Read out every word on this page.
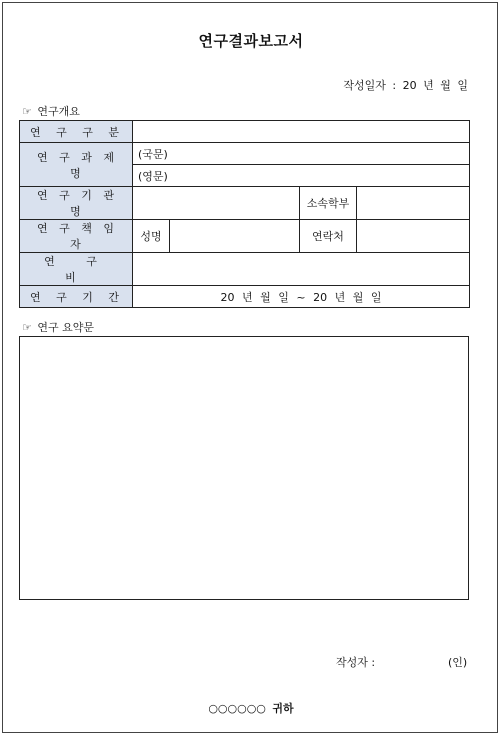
연구결과보고서
작성일자 : 20 년 월 일
☞ 연구개요
연 구 구 분				
연 구 과 제 명	(국문)			
	(영문)			
연 구 기 관 명			소속학부	
연 구 책 임 자	성명		연락처	
연 구 비				
연 구 기 간	20 년 월 일 ~ 20 년 월 일			
☞ 연구 요약문
작성자 :	(인)
○○○○○○ 귀하
